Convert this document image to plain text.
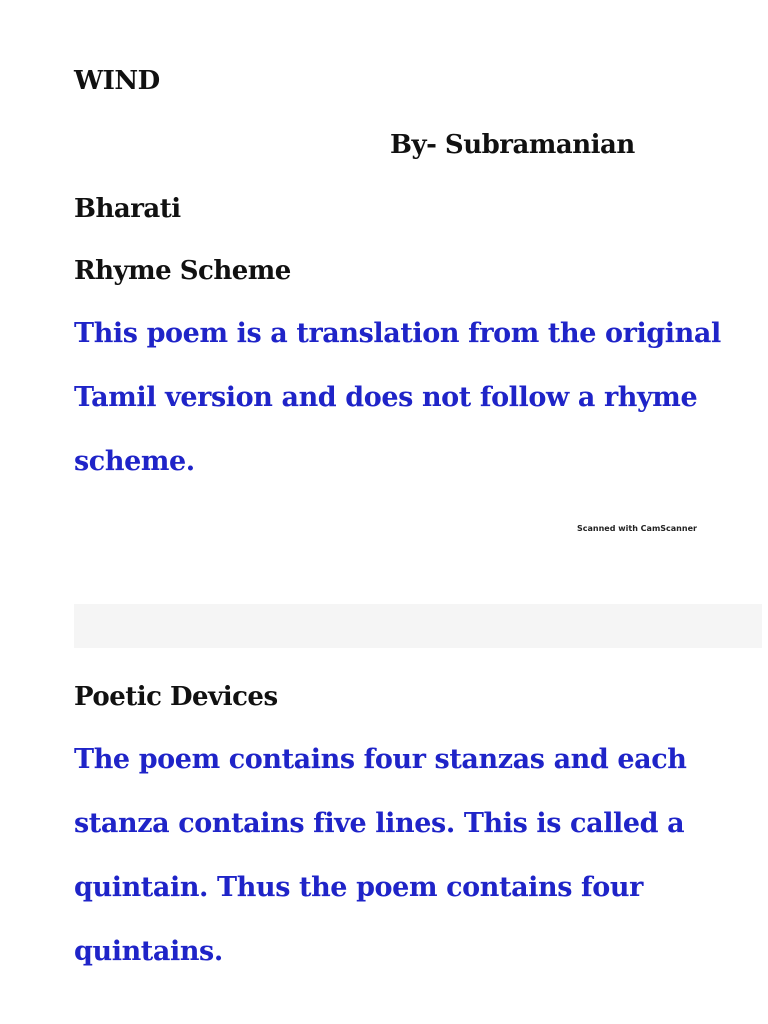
WIND

By- Subramanian

Bharati

Rhyme Scheme

This poem is a translation from the original

Tamil version and does not follow a rhyme

scheme.

Scanned with CamScanner

Poetic Devices

The poem contains four stanzas and each

stanza contains five lines. This is called a

quintain. Thus the poem contains four

quintains.
